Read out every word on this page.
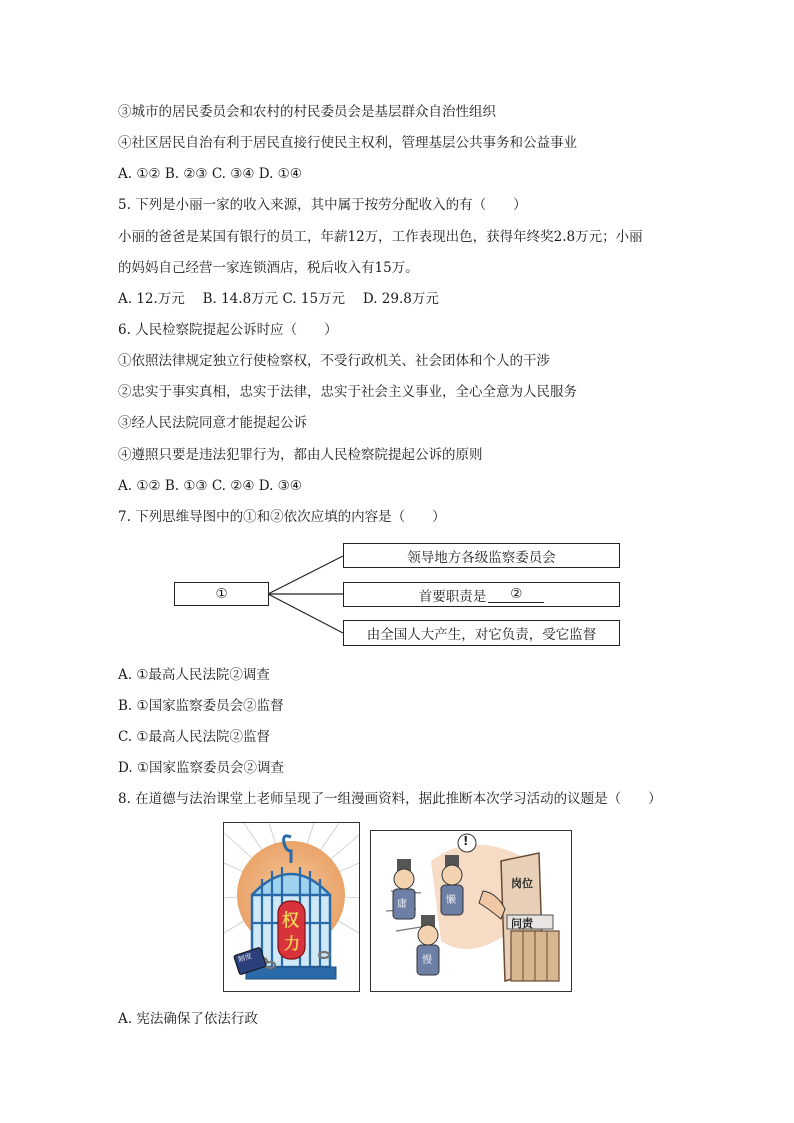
③城市的居民委员会和农村的村民委员会是基层群众自治性组织
④社区居民自治有利于居民直接行使民主权利，管理基层公共事务和公益事业
A. ①② B. ②③ C. ③④ D. ①④
5. 下列是小丽一家的收入来源，其中属于按劳分配收入的有（　　）
小丽的爸爸是某国有银行的员工，年薪12万，工作表现出色，获得年终奖2.8万元；小丽
的妈妈自己经营一家连锁酒店，税后收入有15万。
A. 12.万元　 B. 14.8万元 C. 15万元　 D. 29.8万元
6. 人民检察院提起公诉时应（　　）
①依照法律规定独立行使检察权，不受行政机关、社会团体和个人的干涉
②忠实于事实真相，忠实于法律，忠实于社会主义事业，全心全意为人民服务
③经人民法院同意才能提起公诉
④遵照只要是违法犯罪行为，都由人民检察院提起公诉的原则
A. ①② B. ①③ C. ②④ D. ③④
7. 下列思维导图中的①和②依次应填的内容是（　　）
①
领导地方各级监察委员会
首要职责是	②
由全国人大产生，对它负责，受它监督
A. ①最高人民法院②调查
B. ①国家监察委员会②监督
C. ①最高人民法院②监督
D. ①国家监察委员会②调查
8. 在道德与法治课堂上老师呈现了一组漫画资料，据此推断本次学习活动的议题是（　　）
权
力
制度
庸	懒
慢
岗位
问责
!
A. 宪法确保了依法行政
